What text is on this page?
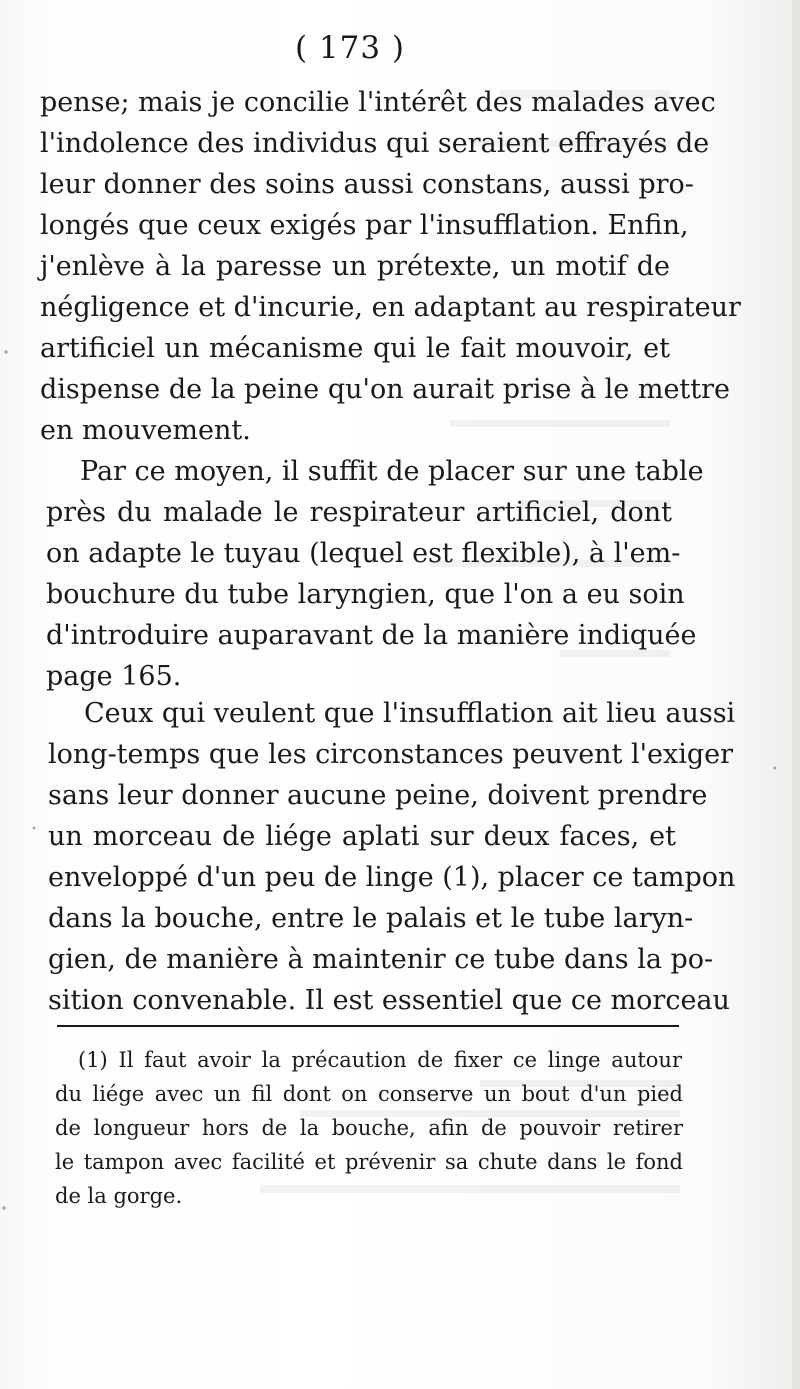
( 173 )
pense; mais je concilie l'intérêt des malades avec
l'indolence des individus qui seraient effrayés de
leur donner des soins aussi constans, aussi pro-
longés que ceux exigés par l'insufflation. Enfin,
j'enlève à la paresse un prétexte, un motif de
négligence et d'incurie, en adaptant au respirateur
artificiel un mécanisme qui le fait mouvoir, et
dispense de la peine qu'on aurait prise à le mettre
en mouvement.
Par ce moyen, il suffit de placer sur une table
près du malade le respirateur artificiel, dont
on adapte le tuyau (lequel est flexible), à l'em-
bouchure du tube laryngien, que l'on a eu soin
d'introduire auparavant de la manière indiquée
page 165.
Ceux qui veulent que l'insufflation ait lieu aussi
long-temps que les circonstances peuvent l'exiger
sans leur donner aucune peine, doivent prendre
un morceau de liége aplati sur deux faces, et
enveloppé d'un peu de linge (1), placer ce tampon
dans la bouche, entre le palais et le tube laryn-
gien, de manière à maintenir ce tube dans la po-
sition convenable. Il est essentiel que ce morceau
(1) Il faut avoir la précaution de fixer ce linge autour
du liége avec un fil dont on conserve un bout d'un pied
de longueur hors de la bouche, afin de pouvoir retirer
le tampon avec facilité et prévenir sa chute dans le fond
de la gorge.
